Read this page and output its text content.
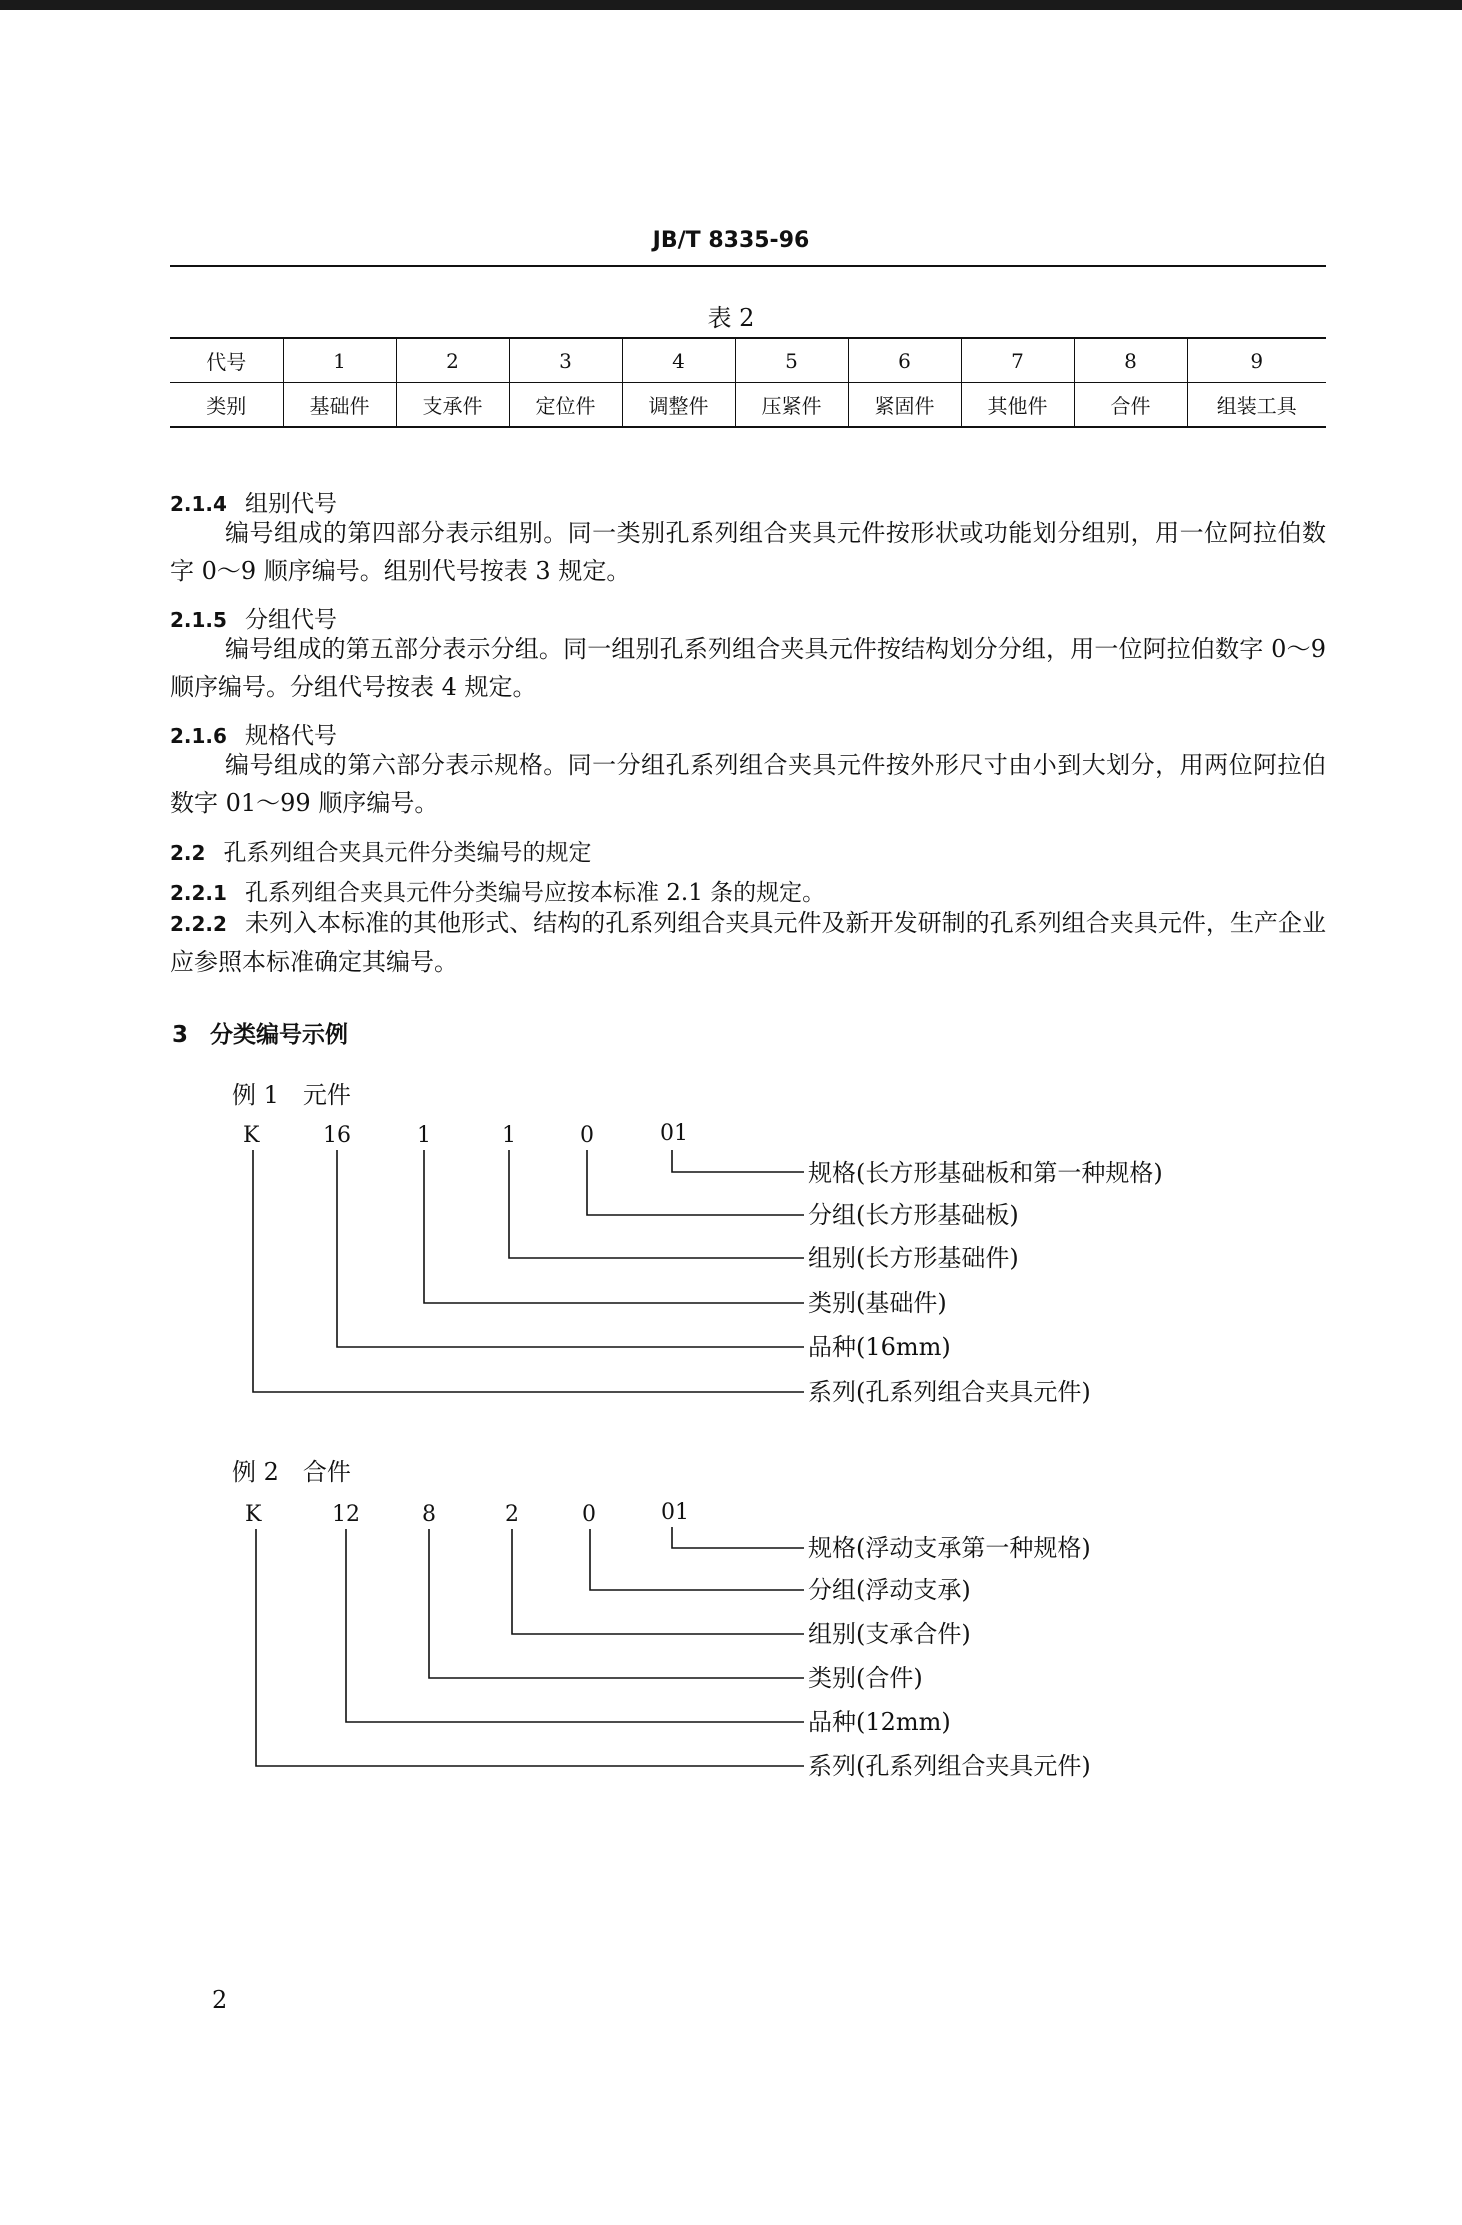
JB/T 8335-96
表 2
代号	1	2	3	4	5	6	7	8	9
类别	基础件	支承件	定位件	调整件	压紧件	紧固件	其他件	合件	组装工具
2.1.4 组别代号
编号组成的第四部分表示组别。同一类别孔系列组合夹具元件按形状或功能划分组别，用一位阿拉伯数字 0～9 顺序编号。组别代号按表 3 规定。
2.1.5 分组代号
编号组成的第五部分表示分组。同一组别孔系列组合夹具元件按结构划分分组，用一位阿拉伯数字 0～9 顺序编号。分组代号按表 4 规定。
2.1.6 规格代号
编号组成的第六部分表示规格。同一分组孔系列组合夹具元件按外形尺寸由小到大划分，用两位阿拉伯数字 01～99 顺序编号。
2.2 孔系列组合夹具元件分类编号的规定
2.2.1 孔系列组合夹具元件分类编号应按本标准 2.1 条的规定。
2.2.2 未列入本标准的其他形式、结构的孔系列组合夹具元件及新开发研制的孔系列组合夹具元件，生产企业应参照本标准确定其编号。
3 分类编号示例
例 1　元件
K	16	1	1	0	01
规格(长方形基础板和第一种规格)
分组(长方形基础板)
组别(长方形基础件)
类别(基础件)
品种(16mm)
系列(孔系列组合夹具元件)
例 2　合件
K	12	8	2	0	01
规格(浮动支承第一种规格)
分组(浮动支承)
组别(支承合件)
类别(合件)
品种(12mm)
系列(孔系列组合夹具元件)
2
